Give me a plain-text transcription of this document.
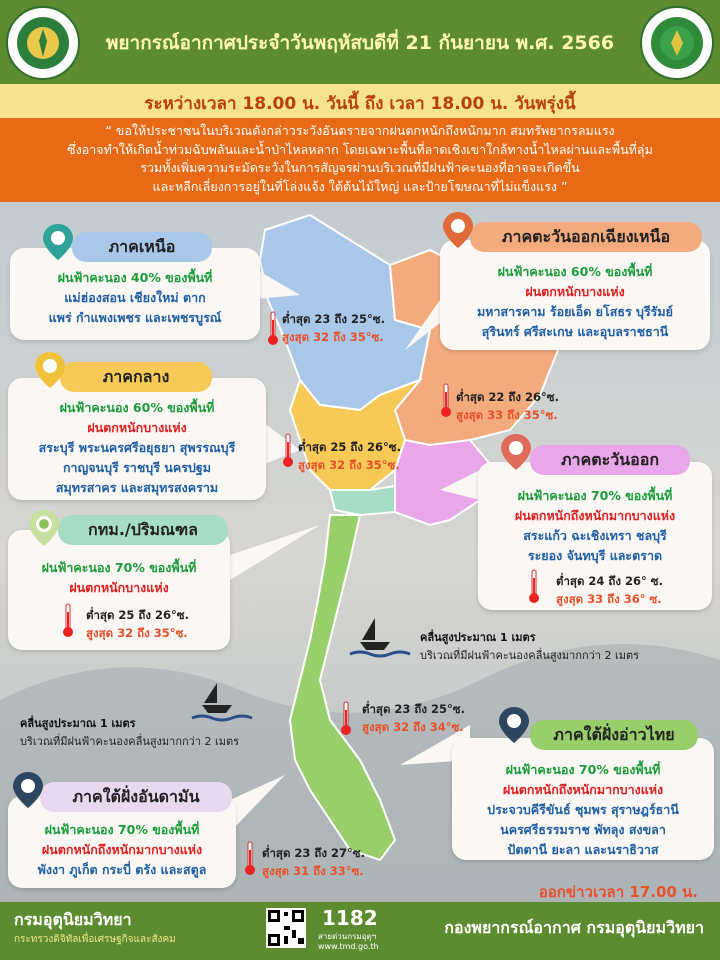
พยากรณ์อากาศประจำวันพฤหัสบดีที่ 21 กันยายน พ.ศ. 2566
ระหว่างเวลา 18.00 น. วันนี้ ถึง เวลา 18.00 น. วันพรุ่งนี้
“ ขอให้ประชาชนในบริเวณดังกล่าวระวังอันตรายจากฝนตกหนักถึงหนักมาก สมทรัพยากรลมแรง
ซึ่งอาจทำให้เกิดน้ำท่วมฉับพลันและน้ำป่าไหลหลาก โดยเฉพาะพื้นที่ลาดเชิงเขาใกล้ทางน้ำไหลผ่านและพื้นที่ลุ่ม
รวมทั้งเพิ่มความระมัดระวังในการสัญจรผ่านบริเวณที่มีฝนฟ้าคะนองที่อาจจะเกิดขึ้น
และหลีกเลี่ยงการอยู่ในที่โล่งแจ้ง ใต้ต้นไม้ใหญ่ และป้ายโฆษณาที่ไม่แข็งแรง ”
ฝนฟ้าคะนอง 40% ของพื้นที่
แม่ฮ่องสอน เชียงใหม่ ตาก
แพร่ กำแพงเพชร และเพชรบูรณ์
ภาคเหนือ
ต่ำสุด 23 ถึง 25°ซ.
สูงสุด 32 ถึง 35°ซ.
ฝนฟ้าคะนอง 60% ของพื้นที่
ฝนตกหนักบางแห่ง
มหาสารคาม ร้อยเอ็ด ยโสธร บุรีรัมย์
สุรินทร์ ศรีสะเกษ และอุบลราชธานี
ภาคตะวันออกเฉียงเหนือ
ต่ำสุด 22 ถึง 26°ซ.
สูงสุด 33 ถึง 35°ซ.
ฝนฟ้าคะนอง 60% ของพื้นที่
ฝนตกหนักบางแห่ง
สระบุรี พระนครศรีอยุธยา สุพรรณบุรี
กาญจนบุรี ราชบุรี นครปฐม
สมุทรสาคร และสมุทรสงคราม
ภาคกลาง
ต่ำสุด 25 ถึง 26°ซ.
สูงสุด 32 ถึง 35°ซ.
ฝนฟ้าคะนอง 70% ของพื้นที่
ฝนตกหนักถึงหนักมากบางแห่ง
สระแก้ว ฉะเชิงเทรา ชลบุรี
ระยอง จันทบุรี และตราด
ภาคตะวันออก
ต่ำสุด 24 ถึง 26° ซ.
สูงสุด 33 ถึง 36° ซ.
ฝนฟ้าคะนอง 70% ของพื้นที่
ฝนตกหนักบางแห่ง
กทม./ปริมณฑล
ต่ำสุด 25 ถึง 26°ซ.
สูงสุด 32 ถึง 35°ซ.	คลื่นสูงประมาณ 1 เมตร
บริเวณที่มีฝนฟ้าคะนองคลื่นสูงมากกว่า 2 เมตร
คลื่นสูงประมาณ 1 เมตร
บริเวณที่มีฝนฟ้าคะนองคลื่นสูงมากกว่า 2 เมตร
ต่ำสุด 23 ถึง 25°ซ.
สูงสุด 32 ถึง 34°ซ.
ฝนฟ้าคะนอง 70% ของพื้นที่
ฝนตกหนักถึงหนักมากบางแห่ง
ประจวบคีรีขันธ์ ชุมพร สุราษฎร์ธานี
นครศรีธรรมราช พัทลุง สงขลา
ปัตตานี ยะลา และนราธิวาส
ภาคใต้ฝั่งอ่าวไทย
ฝนฟ้าคะนอง 70% ของพื้นที่
ฝนตกหนักถึงหนักมากบางแห่ง
พังงา ภูเก็ต กระบี่ ตรัง และสตูล
ภาคใต้ฝั่งอันดามัน
ต่ำสุด 23 ถึง 27°ซ.
สูงสุด 31 ถึง 33°ซ.
ออกข่าวเวลา 17.00 น.
กรมอุตุนิยมวิทยา
กระทรวงดิจิทัลเพื่อเศรษฐกิจและสังคม
1182
สายด่วนกรมอุตุฯ
www.tmd.go.th
กองพยากรณ์อากาศ กรมอุตุนิยมวิทยา
